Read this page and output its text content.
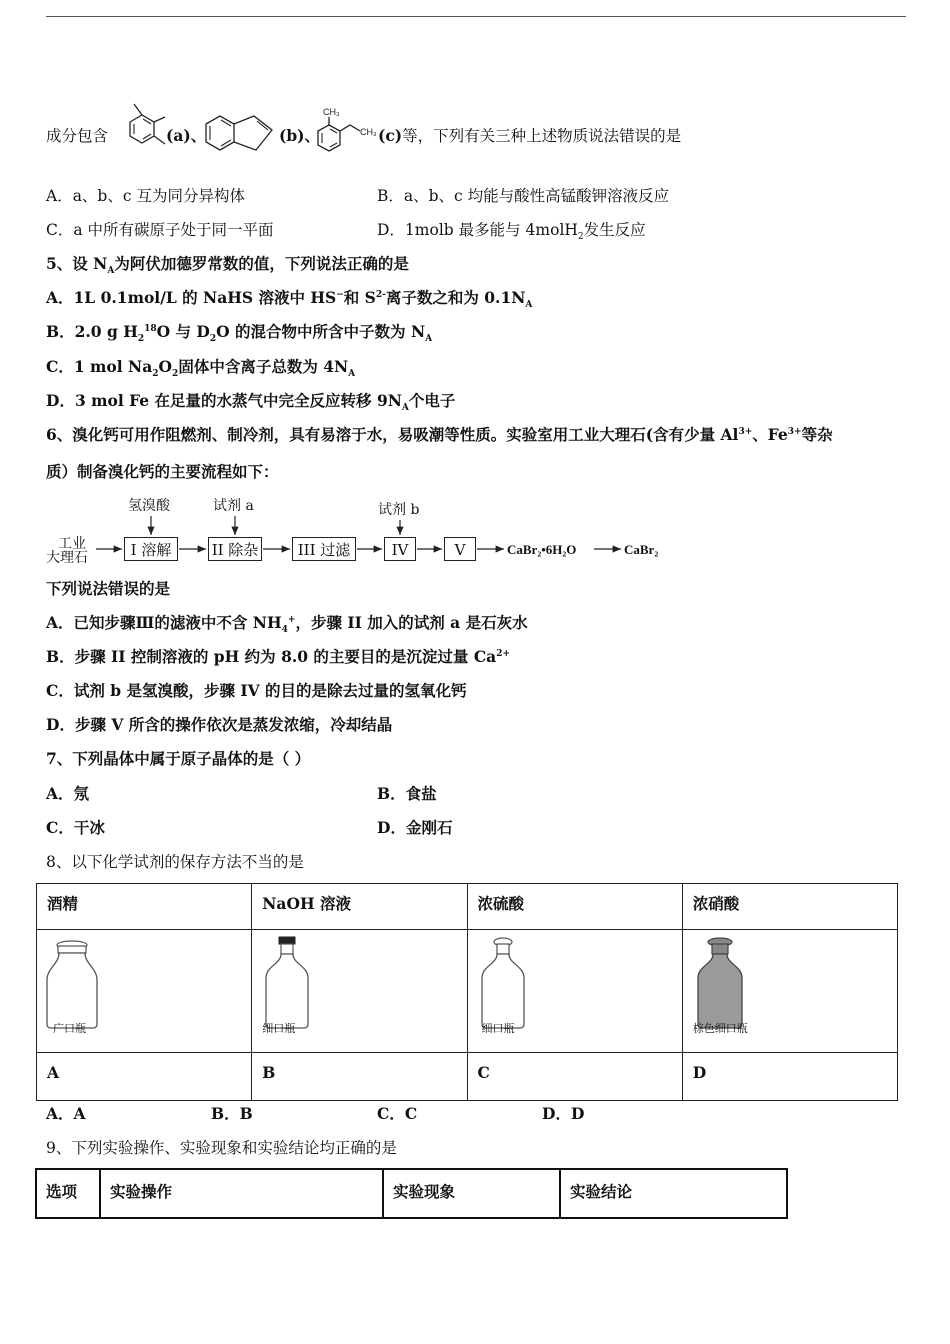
成分包含	(a)、	(b)、
CH₃
CH₃ (c)等，下列有关三种上述物质说法错误的是
A．a、b、c 互为同分异构体	B．a、b、c 均能与酸性高锰酸钾溶液反应
C．a 中所有碳原子处于同一平面	D．1molb 最多能与 4molH$_2$发生反应
5、设 $N_A$为阿伏加德罗常数的值，下列说法正确的是
A．1L 0.1mol/L 的 NaHS 溶液中 HS−和 $S^{2-}$离子数之和为 $0.1N_A$
B．2.0 g $H_2^{18}O$ 与 $D_2O$ 的混合物中所含中子数为 $N_A$
C．1 mol $Na_2O_2$固体中含离子总数为 $4N_A$
D．3 mol Fe 在足量的水蒸气中完全反应转移 $9N_A$个电子
6、溴化钙可用作阻燃剂、制冷剂，具有易溶于水，易吸潮等性质。实验室用工业大理石(含有少量 $Al^{3+}$、$Fe^{3+}$等杂
质）制备溴化钙的主要流程如下：
工业
大理石	I 溶解	II 除杂	III 过滤	IV	V
氢溴酸	试剂 a	试剂 b
CaBr₂•6H₂O	CaBr₂
下列说法错误的是
A．已知步骤Ⅲ的滤液中不含 $NH_4^+$，步骤 II 加入的试剂 a 是石灰水
B．步骤 II 控制溶液的 pH 约为 8.0 的主要目的是沉淀过量 $Ca^{2+}$
C．试剂 b 是氢溴酸，步骤 IV 的目的是除去过量的氢氧化钙
D．步骤 V 所含的操作依次是蒸发浓缩，冷却结晶
7、下列晶体中属于原子晶体的是（ ）
A．氖	B．食盐
C．干冰	D．金刚石
8、以下化学试剂的保存方法不当的是
酒精	NaOH 溶液	浓硫酸	浓硝酸

广口瓶	细口瓶	细口瓶	棕色细口瓶

A	B	C	D
A．A	B．B	C．C	D．D
9、下列实验操作、实验现象和实验结论均正确的是
选项	实验操作	实验现象	实验结论
